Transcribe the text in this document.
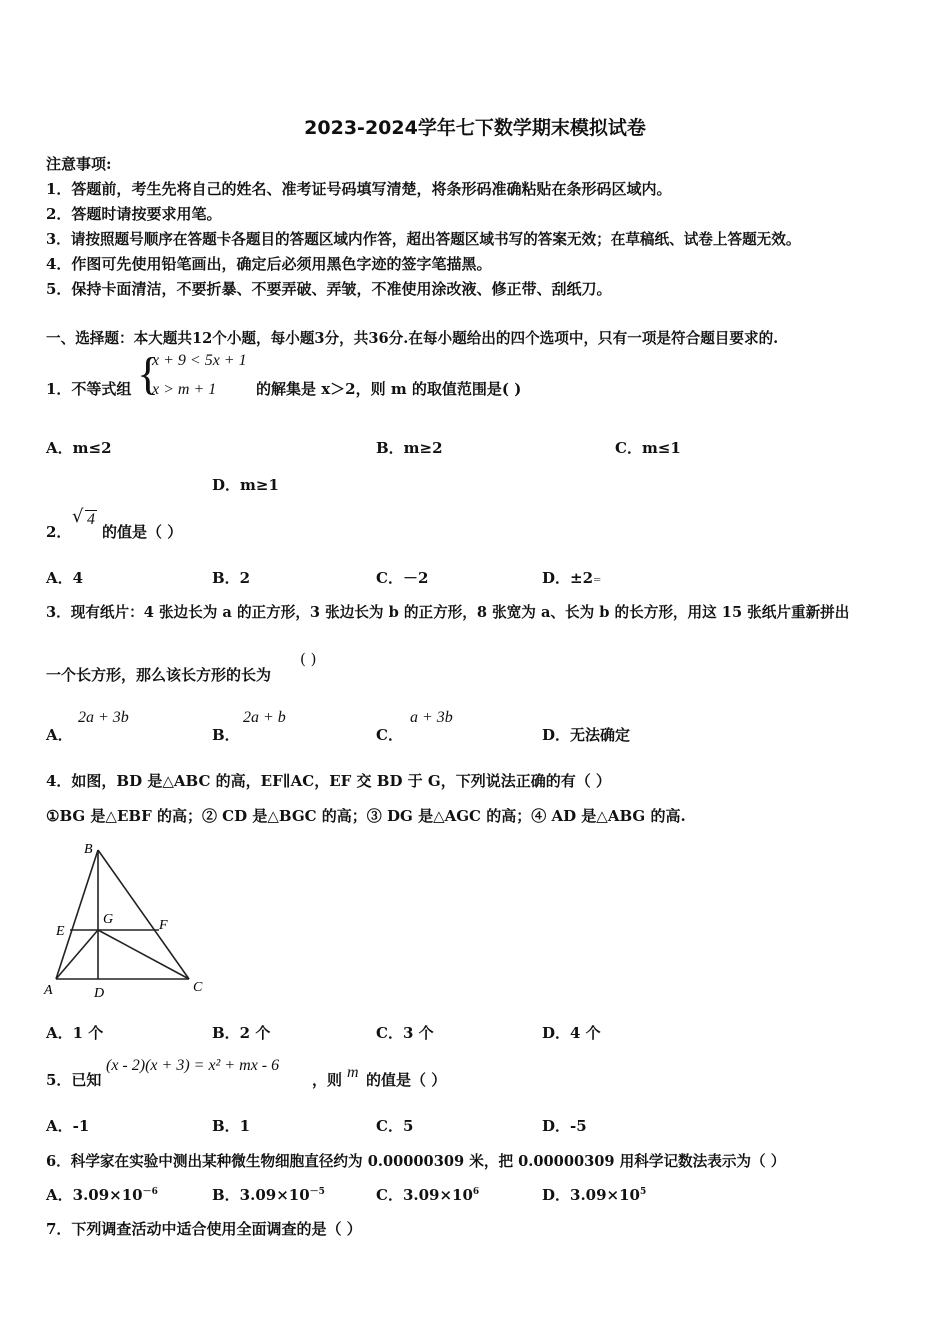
2023-2024学年七下数学期末模拟试卷
注意事项:
1．答题前，考生先将自己的姓名、准考证号码填写清楚，将条形码准确粘贴在条形码区域内。
2．答题时请按要求用笔。
3．请按照题号顺序在答题卡各题目的答题区域内作答，超出答题区域书写的答案无效；在草稿纸、试卷上答题无效。
4．作图可先使用铅笔画出，确定后必须用黑色字迹的签字笔描黑。
5．保持卡面清洁，不要折暴、不要弄破、弄皱，不准使用涂改液、修正带、刮纸刀。
一、选择题：本大题共12个小题，每小题3分，共36分.在每小题给出的四个选项中，只有一项是符合题目要求的.
1．不等式组 {
x + 9 < 5x + 1
x > m + 1	的解集是 x＞2，则 m 的取值范围是( )
A．m≤2	B．m≥2	C．m≤1
D．m≥1
2．
√ 4
的值是（ ）
A．4	B．2	C．－2	D．±2=
3．现有纸片：4 张边长为 a 的正方形，3 张边长为 b 的正方形，8 张宽为 a、长为 b 的长方形，用这 15 张纸片重新拼出
一个长方形，那么该长方形的长为
( )
A．
2a + 3b
B．
2a + b
C．
a + 3b
D．无法确定
4．如图，BD 是△ABC 的高，EF∥AC，EF 交 BD 于 G，下列说法正确的有（ ）
①BG 是△EBF 的高；② CD 是△BGC 的高；③ DG 是△AGC 的高；④ AD 是△ABG 的高.
B
E
G	F
A	D	C
A．1 个	B．2 个	C．3 个	D．4 个
5．已知
(x - 2)(x + 3) = x² + mx - 6
，则 m 的值是（ ）
A．-1	B．1	C．5	D．-5
6．科学家在实验中测出某种微生物细胞直径约为 0.00000309 米，把 0.00000309 用科学记数法表示为（ ）
A．$3.09\times 10^{-6}$	B．$3.09\times 10^{-5}$	C．$3.09\times 10^6$	D．$3.09\times 10^5$
7．下列调查活动中适合使用全面调查的是（ ）
